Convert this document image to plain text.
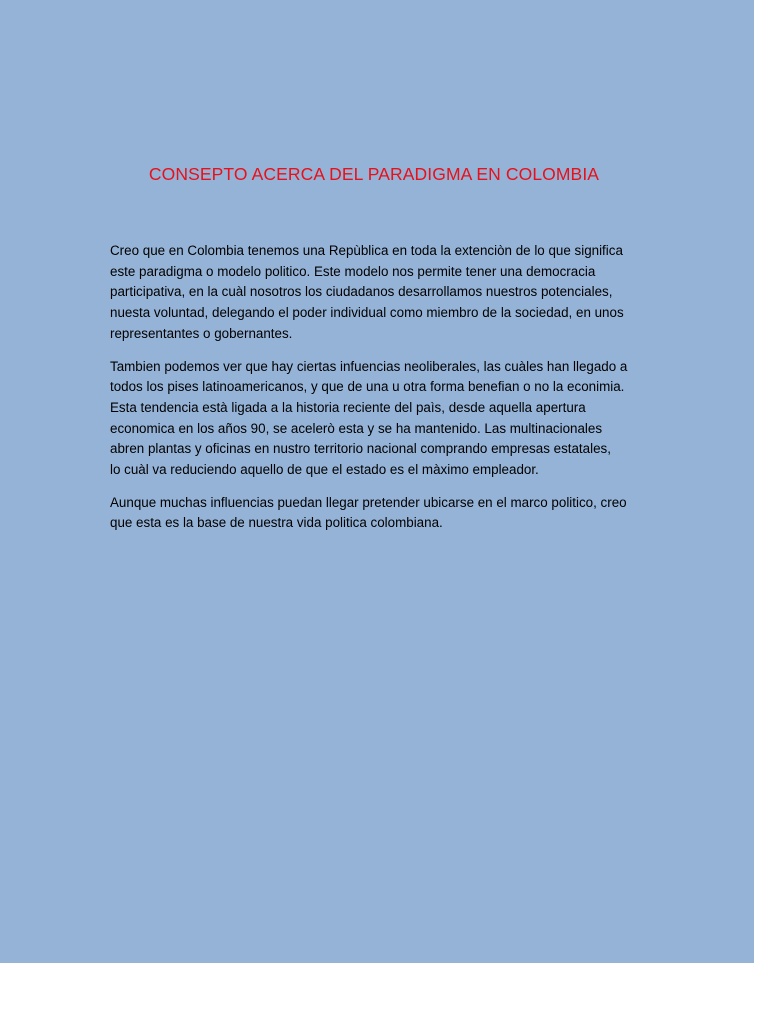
CONSEPTO ACERCA DEL PARADIGMA EN COLOMBIA

Creo que en Colombia tenemos una Repùblica en toda la extenciòn de lo que significa
este paradigma o modelo politico. Este modelo nos permite tener una democracia
participativa, en la cuàl nosotros los ciudadanos desarrollamos nuestros potenciales,
nuesta voluntad, delegando el poder individual como miembro de la sociedad, en unos
representantes o gobernantes.

Tambien podemos ver que hay ciertas infuencias neoliberales, las cuàles han llegado a
todos los pises latinoamericanos, y que de una u otra forma benefian o no la econimia.
Esta tendencia està ligada a la historia reciente del paìs, desde aquella apertura
economica en los años 90, se acelerò esta y se ha mantenido. Las multinacionales
abren plantas y oficinas en nustro territorio nacional comprando empresas estatales,
lo cuàl va reduciendo aquello de que el estado es el màximo empleador.

Aunque muchas influencias puedan llegar pretender ubicarse en el marco politico, creo
que esta es la base de nuestra vida politica colombiana.
